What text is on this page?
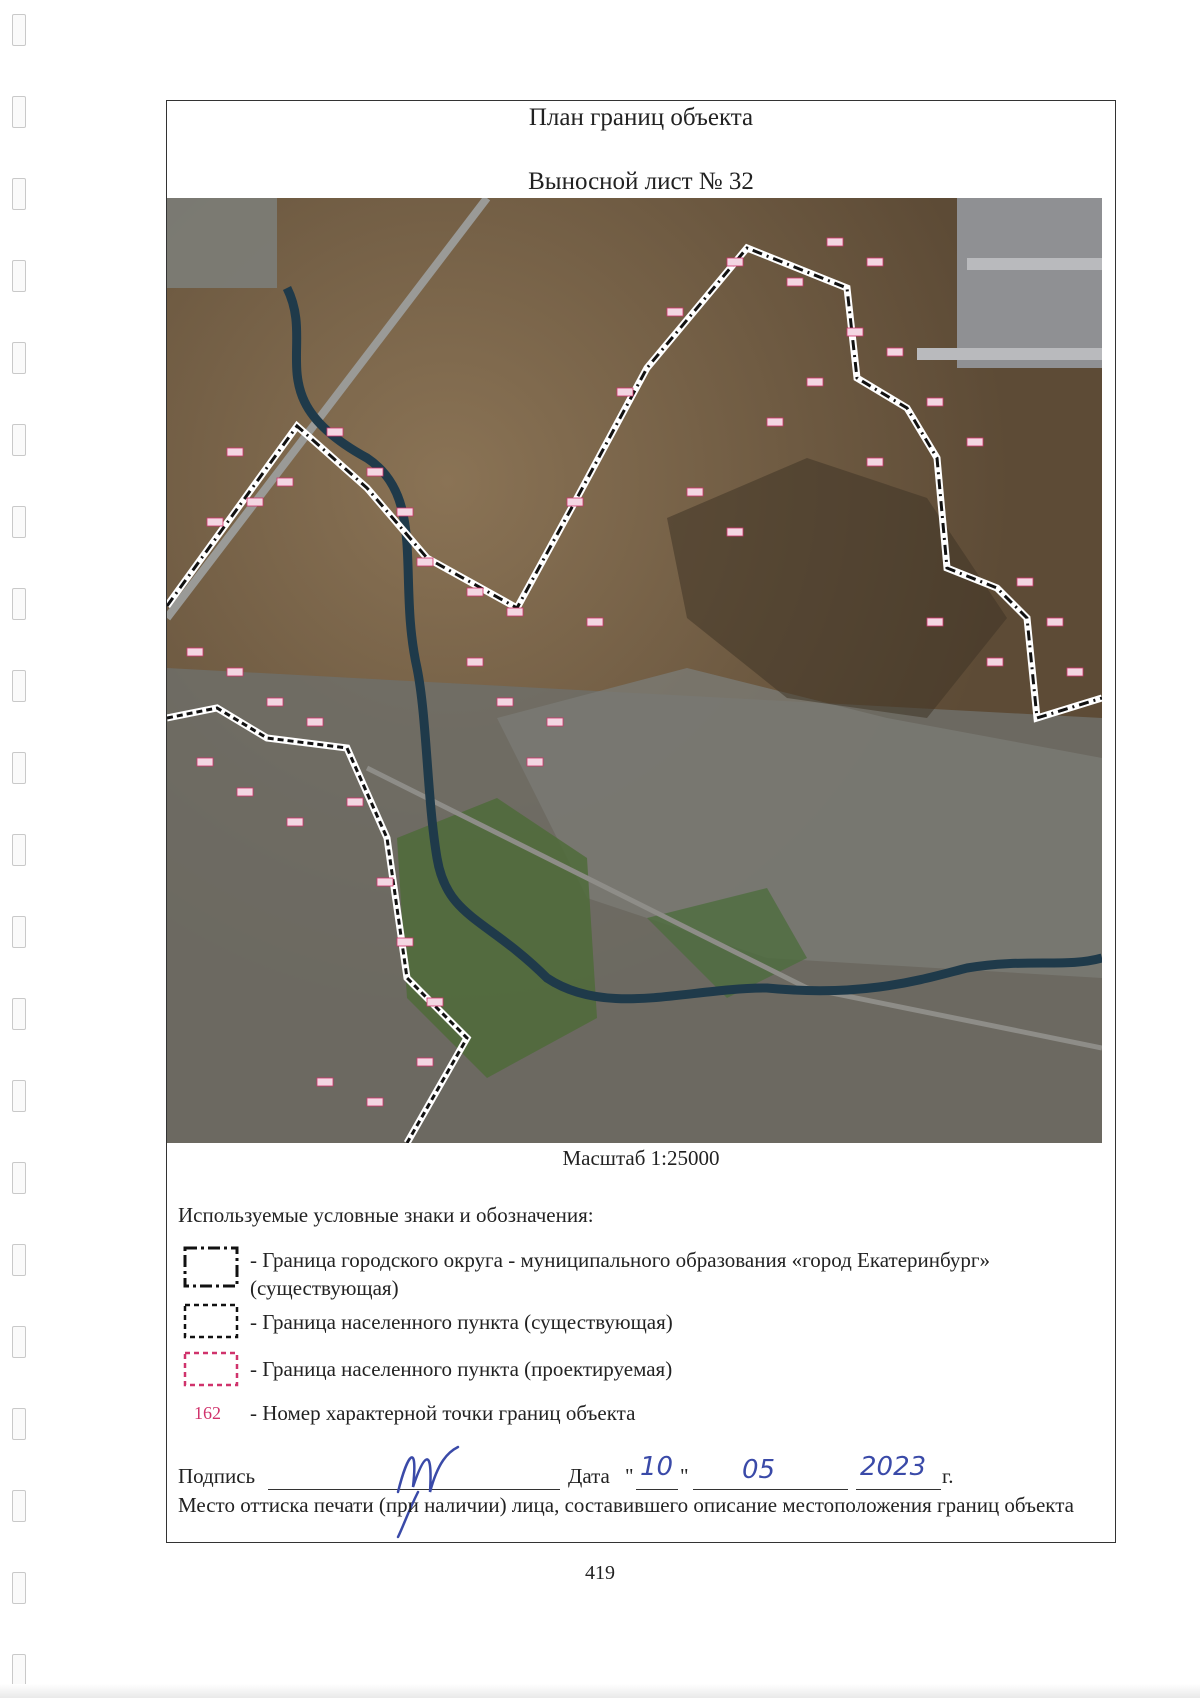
План границ объекта
Выносной лист № 32
Масштаб 1:25000
Используемые условные знаки и обозначения:
- Граница городского округа - муниципального образования «город Екатеринбург» (существующая)
- Граница населенного пункта (существующая)
- Граница населенного пункта (проектируемая)
162 - Номер характерной точки границ объекта
Подпись	Дата " 10 " 05	2023 г.
Место оттиска печати (при наличии) лица, составившего описание местоположения границ объекта
419
